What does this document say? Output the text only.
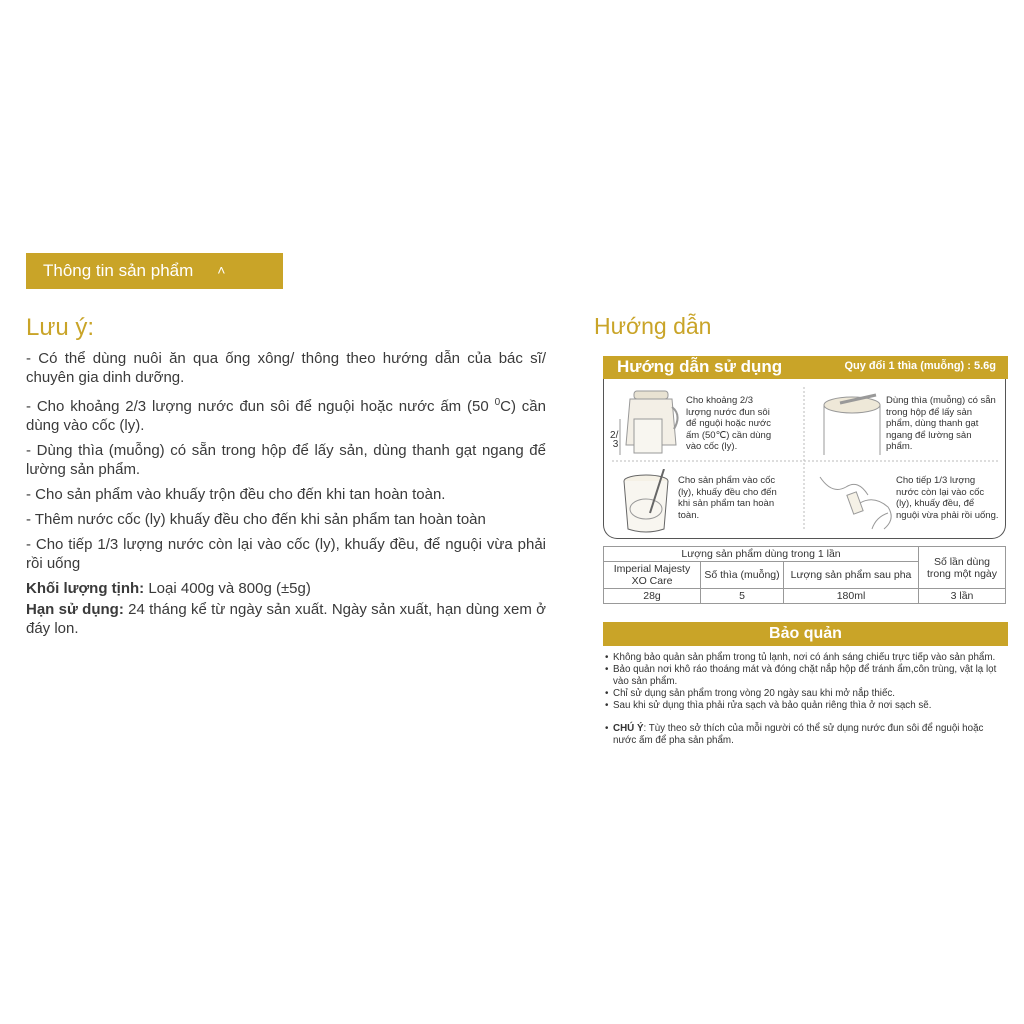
Thông tin sản phẩm ˄
Lưu ý:

- Có thể dùng nuôi ăn qua ống xông/ thông theo hướng dẫn của bác sĩ/ chuyên gia dinh dưỡng.

- Cho khoảng 2/3 lượng nước đun sôi để nguội hoặc nước ấm (50 $^0$C) cần dùng vào cốc (ly).

- Dùng thìa (muỗng) có sẵn trong hộp để lấy sản, dùng thanh gạt ngang để lường sản phẩm.

- Cho sản phẩm vào khuấy trộn đều cho đến khi tan hoàn toàn.

- Thêm nước cốc (ly) khuấy đều cho đến khi sản phẩm tan hoàn toàn

- Cho tiếp 1/3 lượng nước còn lại vào cốc (ly), khuấy đều, để nguội vừa phải rồi uống

Khối lượng tịnh: Loại 400g và 800g (±5g)

Hạn sử dụng: 24 tháng kể từ ngày sản xuất. Ngày sản xuất, hạn dùng xem ở đáy lon.

Hướng dẫn
Hướng dẫn sử dụng	Quy đổi 1 thìa (muỗng) : 5.6g
2/
3
Cho khoảng 2/3 lượng nước đun sôi để nguội hoặc nước ấm (50℃) cần dùng vào cốc (ly).
Dùng thìa (muỗng) có sẵn trong hộp để lấy sản phẩm, dùng thanh gạt ngang để lường sản phẩm.
Cho sản phẩm vào cốc (ly), khuấy đều cho đến khi sản phẩm tan hoàn toàn.
Cho tiếp 1/3 lượng nước còn lại vào cốc (ly), khuấy đều, để nguội vừa phải rồi uống.
Lượng sản phẩm dùng trong 1 lần			Số lần dùng trong một ngày
Imperial Majesty XO Care	Số thìa (muỗng)	Lượng sản phẩm sau pha	
28g	5	180ml	3 lần
Bảo quản
• Không bảo quản sản phẩm trong tủ lạnh, nơi có ánh sáng chiếu trực tiếp vào sản phẩm.
• Bảo quản nơi khô ráo thoáng mát và đóng chặt nắp hộp để tránh ẩm,côn trùng, vật lạ lọt vào sản phẩm.
• Chỉ sử dụng sản phẩm trong vòng 20 ngày sau khi mở nắp thiếc.
• Sau khi sử dụng thìa phải rửa sạch và bảo quản riêng thìa ở nơi sạch sẽ.
• CHÚ Ý: Tùy theo sở thích của mỗi người có thể sử dụng nước đun sôi để nguội hoặc nước ấm để pha sản phẩm.
